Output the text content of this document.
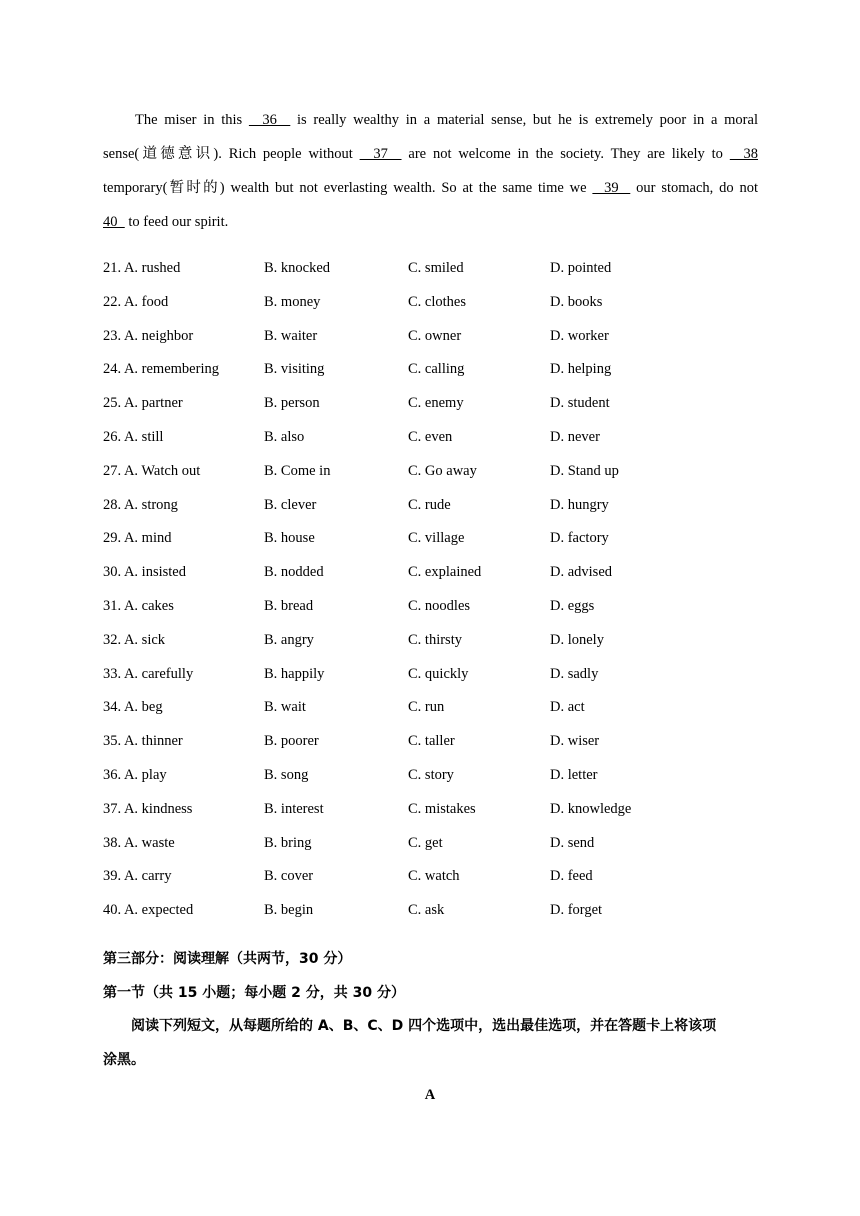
The miser in this   36   is really wealthy in a material sense, but he is extremely poor in a moral
sense(道德意识). Rich people without   37   are not welcome in the society. They are likely to   38
temporary(暂时的) wealth but not everlasting wealth. So at the same time we   39   our stomach, do not
40   to feed our spirit.
21. A. rushed	B. knocked	C. smiled	D. pointed
22. A. food	B. money	C. clothes	D. books
23. A. neighbor	B. waiter	C. owner	D. worker
24. A. remembering	B. visiting	C. calling	D. helping
25. A. partner	B. person	C. enemy	D. student
26. A. still	B. also	C. even	D. never
27. A. Watch out	B. Come in	C. Go away	D. Stand up
28. A. strong	B. clever	C. rude	D. hungry
29. A. mind	B. house	C. village	D. factory
30. A. insisted	B. nodded	C. explained	D. advised
31. A. cakes	B. bread	C. noodles	D. eggs
32. A. sick	B. angry	C. thirsty	D. lonely
33. A. carefully	B. happily	C. quickly	D. sadly
34. A. beg	B. wait	C. run	D. act
35. A. thinner	B. poorer	C. taller	D. wiser
36. A. play	B. song	C. story	D. letter
37. A. kindness	B. interest	C. mistakes	D. knowledge
38. A. waste	B. bring	C. get	D. send
39. A. carry	B. cover	C. watch	D. feed
40. A. expected	B. begin	C. ask	D. forget
第三部分：阅读理解（共两节，30 分）
第一节（共 15 小题；每小题 2 分，共 30 分）
阅读下列短文，从每题所给的 A、B、C、D 四个选项中，选出最佳选项，并在答题卡上将该项
涂黑。
A
